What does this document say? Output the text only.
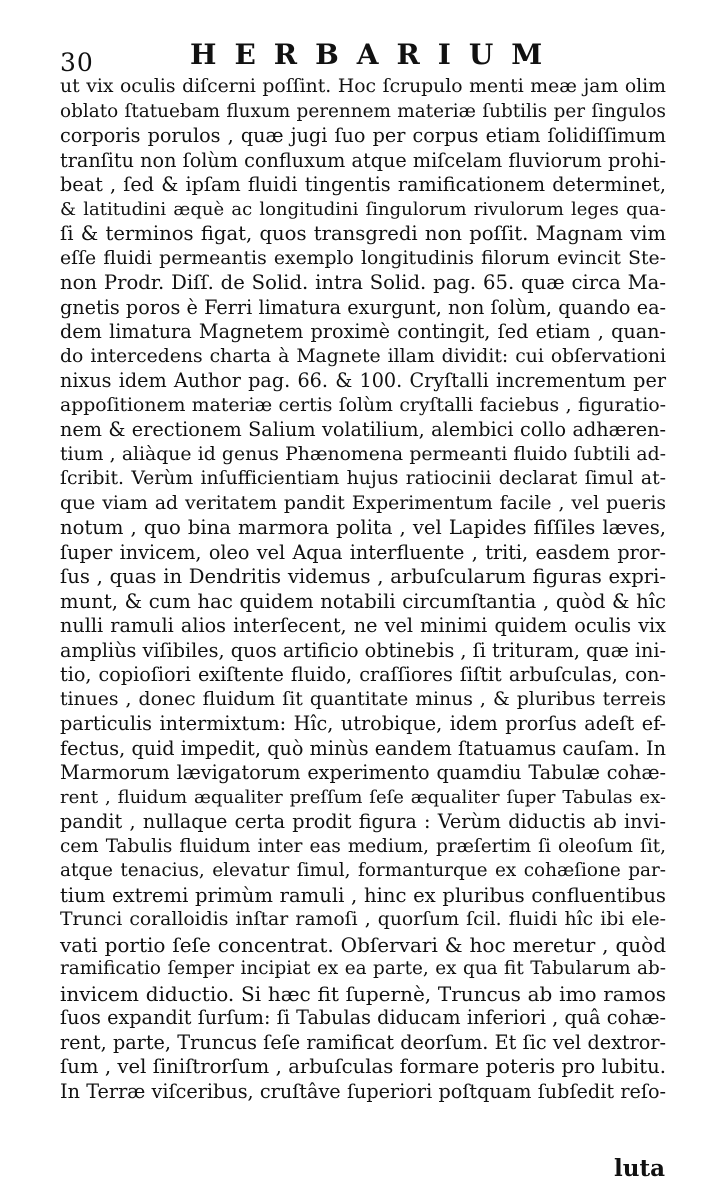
30	HERBARIUM
ut vix oculis diſcerni poſſint. Hoc ſcrupulo menti meæ jam olim
oblato ſtatuebam fluxum perennem materiæ ſubtilis per ſingulos
corporis porulos , quæ jugi ſuo per corpus etiam ſolidiſſimum
tranſitu non ſolùm confluxum atque miſcelam fluviorum prohi-
beat , ſed & ipſam fluidi tingentis ramificationem determinet,
& latitudini æquè ac longitudini ſingulorum rivulorum leges qua-
ſi & terminos figat, quos transgredi non poſſit. Magnam vim
eſſe fluidi permeantis exemplo longitudinis filorum evincit Ste-
non Prodr. Diſſ. de Solid. intra Solid. pag. 65. quæ circa Ma-
gnetis poros è Ferri limatura exurgunt, non ſolùm, quando ea-
dem limatura Magnetem proximè contingit, ſed etiam , quan-
do intercedens charta à Magnete illam dividit: cui obſervationi
nixus idem Author pag. 66. & 100. Cryſtalli incrementum per
appoſitionem materiæ certis ſolùm cryſtalli faciebus , figuratio-
nem & erectionem Salium volatilium, alembici collo adhæren-
tium , aliàque id genus Phænomena permeanti fluido ſubtili ad-
ſcribit. Verùm inſufficientiam hujus ratiocinii declarat ſimul at-
que viam ad veritatem pandit Experimentum facile , vel pueris
notum , quo bina marmora polita , vel Lapides fiſſiles læves,
ſuper invicem, oleo vel Aqua interfluente , triti, easdem pror-
ſus , quas in Dendritis videmus , arbuſcularum figuras expri-
munt, & cum hac quidem notabili circumſtantia , quòd & hîc
nulli ramuli alios interſecent, ne vel minimi quidem oculis vix
ampliùs viſibiles, quos artificio obtinebis , ſi trituram, quæ ini-
tio, copioſiori exiſtente fluido, craſſiores ſiſtit arbuſculas, con-
tinues , donec fluidum ſit quantitate minus , & pluribus terreis
particulis intermixtum: Hîc, utrobique, idem prorſus adeſt ef-
fectus, quid impedit, quò minùs eandem ſtatuamus cauſam. In
Marmorum lævigatorum experimento quamdiu Tabulæ cohæ-
rent , fluidum æqualiter preſſum ſeſe æqualiter ſuper Tabulas ex-
pandit , nullaque certa prodit figura : Verùm diductis ab invi-
cem Tabulis fluidum inter eas medium, præſertim ſi oleoſum ſit,
atque tenacius, elevatur ſimul, formanturque ex cohæſione par-
tium extremi primùm ramuli , hinc ex pluribus confluentibus
Trunci coralloidis inſtar ramoſi , quorſum ſcil. fluidi hîc ibi ele-
vati portio ſeſe concentrat. Obſervari & hoc meretur , quòd
ramificatio ſemper incipiat ex ea parte, ex qua fit Tabularum ab-
invicem diductio. Si hæc fit ſupernè, Truncus ab imo ramos
ſuos expandit ſurſum: ſi Tabulas diducam inferiori , quâ cohæ-
rent, parte, Truncus ſeſe ramificat deorſum. Et ſic vel dextror-
ſum , vel ſiniſtrorſum , arbuſculas formare poteris pro lubitu.
In Terræ viſceribus, cruſtâve ſuperiori poſtquam ſubſedit reſo-
luta
